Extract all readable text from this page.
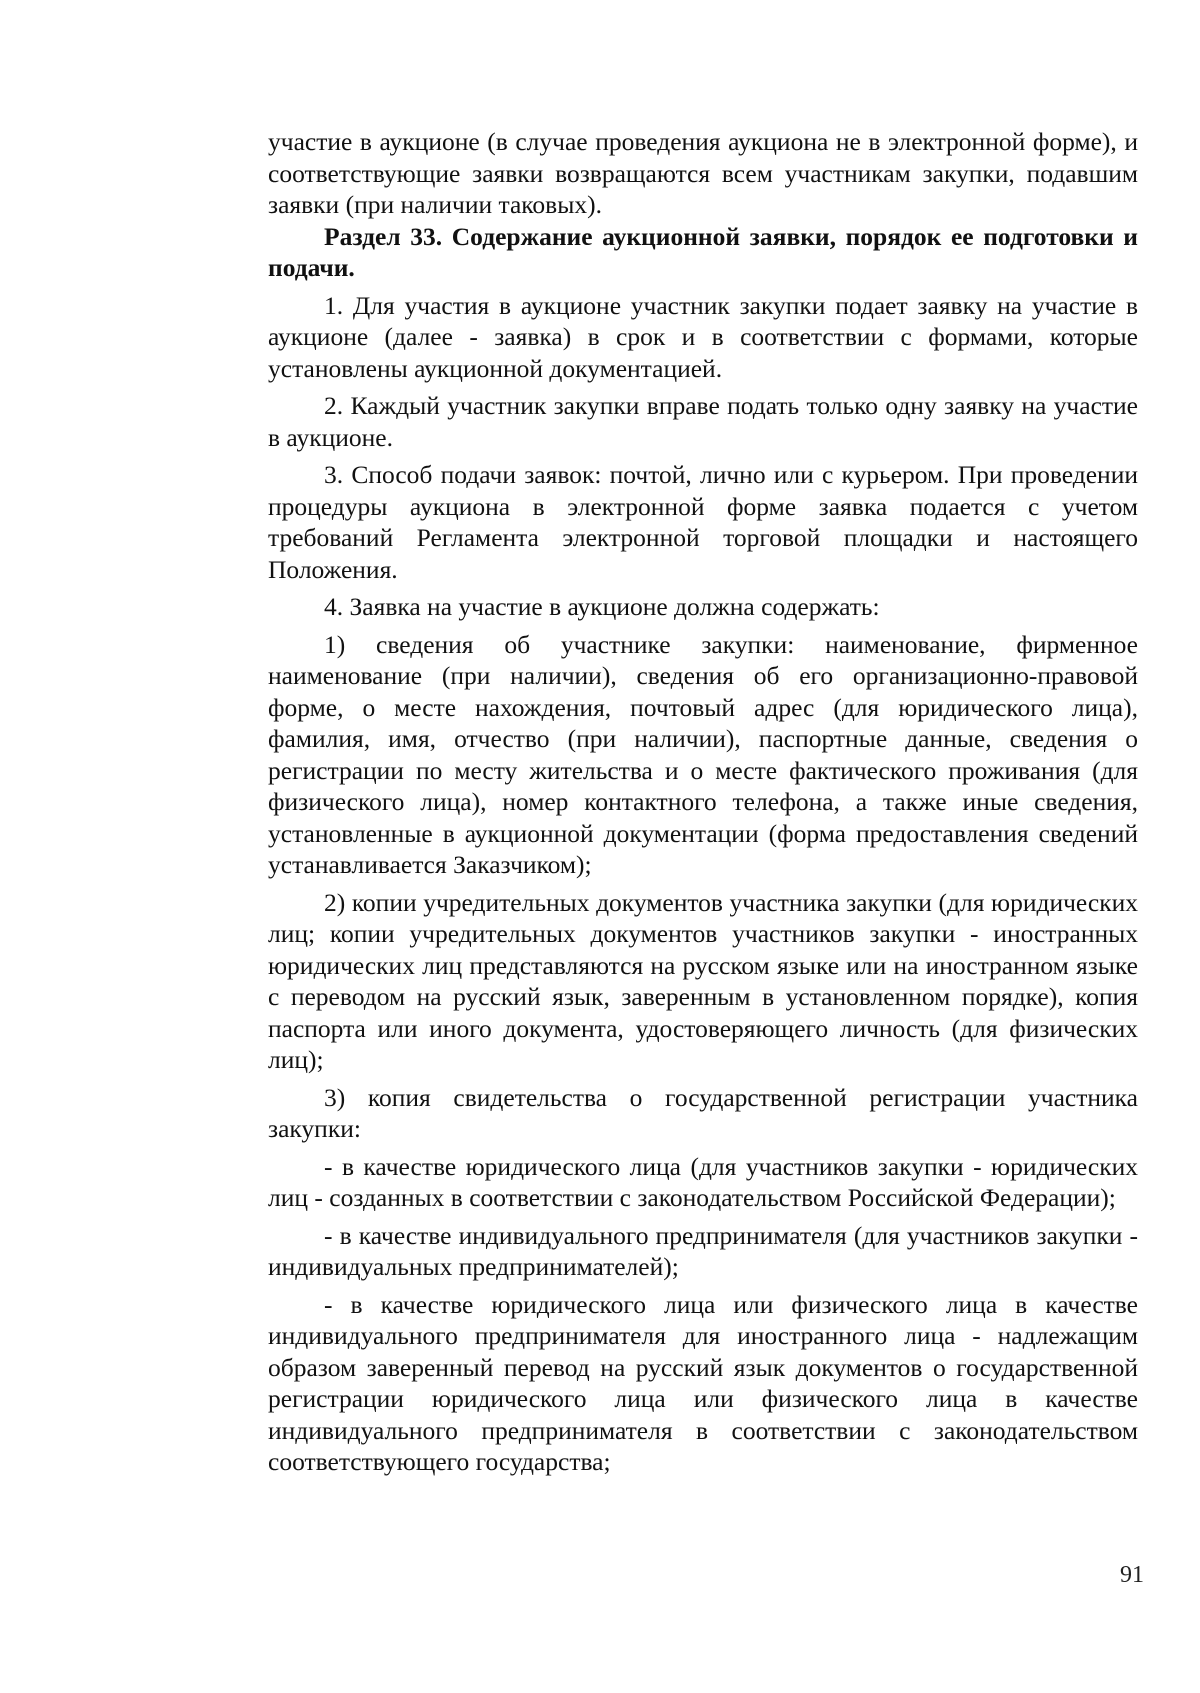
участие в аукционе (в случае проведения аукциона не в электронной форме), и соответствующие заявки возвращаются всем участникам закупки, подавшим заявки (при наличии таковых).

Раздел 33. Содержание аукционной заявки, порядок ее подготовки и подачи.

1. Для участия в аукционе участник закупки подает заявку на участие в аукционе (далее - заявка) в срок и в соответствии с формами, которые установлены аукционной документацией.

2. Каждый участник закупки вправе подать только одну заявку на участие в аукционе.

3. Способ подачи заявок: почтой, лично или с курьером. При проведении процедуры аукциона в электронной форме заявка подается с учетом требований Регламента электронной торговой площадки и настоящего Положения.

4. Заявка на участие в аукционе должна содержать:

1) сведения об участнике закупки: наименование, фирменное наименование (при наличии), сведения об его организационно-правовой форме, о месте нахождения, почтовый адрес (для юридического лица), фамилия, имя, отчество (при наличии), паспортные данные, сведения о регистрации по месту жительства и о месте фактического проживания (для физического лица), номер контактного телефона, а также иные сведения, установленные в аукционной документации (форма предоставления сведений устанавливается Заказчиком);

2) копии учредительных документов участника закупки (для юридических лиц; копии учредительных документов участников закупки - иностранных юридических лиц представляются на русском языке или на иностранном языке с переводом на русский язык, заверенным в установленном порядке), копия паспорта или иного документа, удостоверяющего личность (для физических лиц);

3) копия свидетельства о государственной регистрации участника закупки:

- в качестве юридического лица (для участников закупки - юридических лиц - созданных в соответствии с законодательством Российской Федерации);

- в качестве индивидуального предпринимателя (для участников закупки - индивидуальных предпринимателей);

- в качестве юридического лица или физического лица в качестве индивидуального предпринимателя для иностранного лица - надлежащим образом заверенный перевод на русский язык документов о государственной регистрации юридического лица или физического лица в качестве индивидуального предпринимателя в соответствии с законодательством соответствующего государства;

91
